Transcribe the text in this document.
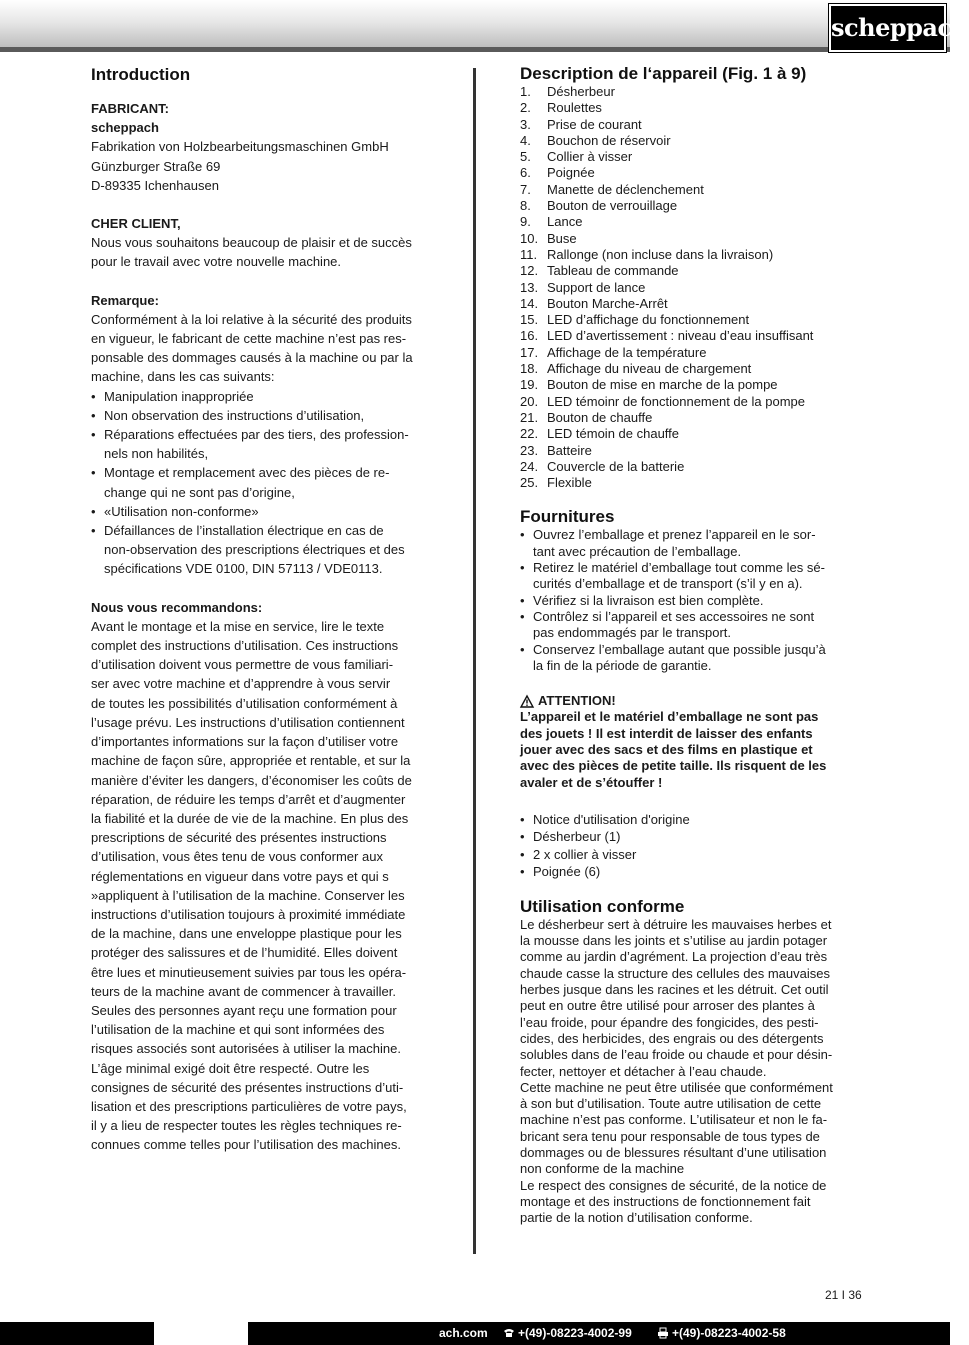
scheppach
Introduction

FABRICANT:

scheppach

Fabrikation von Holzbearbeitungsmaschinen GmbH

Günzburger Straße 69

D-89335 Ichenhausen

CHER CLIENT,

Nous vous souhaitons beaucoup de plaisir et de succès

pour le travail avec votre nouvelle machine.

Remarque:

Conformément à la loi relative à la sécurité des produits

en vigueur, le fabricant de cette machine n’est pas res-

ponsable des dommages causés à la machine ou par la

machine, dans les cas suivants:

• Manipulation inappropriée
• Non observation des instructions d’utilisation,
• Réparations effectuées par des tiers, des profession-
nels non habilités,
• Montage et remplacement avec des pièces de re-
change qui ne sont pas d’origine,
• «Utilisation non-conforme»
• Défaillances de l’installation électrique en cas de
non-observation des prescriptions électriques et des
spécifications VDE 0100, DIN 57113 / VDE0113.

Nous vous recommandons:

Avant le montage et la mise en service, lire le texte

complet des instructions d’utilisation. Ces instructions

d’utilisation doivent vous permettre de vous familiari-

ser avec votre machine et d’apprendre à vous servir

de toutes les possibilités d’utilisation conformément à

l’usage prévu. Les instructions d’utilisation contiennent

d’importantes informations sur la façon d’utiliser votre

machine de façon sûre, appropriée et rentable, et sur la

manière d’éviter les dangers, d’économiser les coûts de

réparation, de réduire les temps d’arrêt et d’augmenter

la fiabilité et la durée de vie de la machine. En plus des

prescriptions de sécurité des présentes instructions

d’utilisation, vous êtes tenu de vous conformer aux

réglementations en vigueur dans votre pays et qui s

»appliquent à l’utilisation de la machine. Conserver les

instructions d’utilisation toujours à proximité immédiate

de la machine, dans une enveloppe plastique pour les

protéger des salissures et de l’humidité. Elles doivent

être lues et minutieusement suivies par tous les opéra-

teurs de la machine avant de commencer à travailler.

Seules des personnes ayant reçu une formation pour

l’utilisation de la machine et qui sont informées des

risques associés sont autorisées à utiliser la machine.

L’âge minimal exigé doit être respecté. Outre les

consignes de sécurité des présentes instructions d’uti-

lisation et des prescriptions particulières de votre pays,

il y a lieu de respecter toutes les règles techniques re-

connues comme telles pour l’utilisation des machines.

Description de l‘appareil (Fig. 1 à 9)
1.	Désherbeur
2.	Roulettes
3.	Prise de courant
4.	Bouchon de réservoir
5.	Collier à visser
6.	Poignée
7.	Manette de déclenchement
8.	Bouton de verrouillage
9.	Lance
10. Buse
11. Rallonge (non incluse dans la livraison)
12. Tableau de commande
13. Support de lance
14. Bouton Marche-Arrêt
15. LED d’affichage du fonctionnement
16. LED d’avertissement : niveau d’eau insuffisant
17. Affichage de la température
18. Affichage du niveau de chargement
19. Bouton de mise en marche de la pompe
20. LED témoinr de fonctionnement de la pompe
21. Bouton de chauffe
22. LED témoin de chauffe
23. Batteire
24. Couvercle de la batterie
25. Flexible
Fournitures
• Ouvrez l’emballage et prenez l’appareil en le sor-
tant avec précaution de l’emballage.
• Retirez le matériel d’emballage tout comme les sé-
curités d’emballage et de transport (s’il y en a).
• Vérifiez si la livraison est bien complète.
• Contrôlez si l’appareil et ses accessoires ne sont
pas endommagés par le transport.
• Conservez l’emballage autant que possible jusqu’à
la fin de la période de garantie.
ATTENTION!

L’appareil et le matériel d’emballage ne sont pas

des jouets ! Il est interdit de laisser des enfants

jouer avec des sacs et des films en plastique et

avec des pièces de petite taille. Ils risquent de les

avaler et de s’étouffer !

• Notice d'utilisation d'origine
• Désherbeur (1)
• 2 x collier à visser
• Poignée (6)
Utilisation conforme

Le désherbeur sert à détruire les mauvaises herbes et

la mousse dans les joints et s’utilise au jardin potager

comme au jardin d’agrément. La projection d’eau très

chaude casse la structure des cellules des mauvaises

herbes jusque dans les racines et les détruit. Cet outil

peut en outre être utilisé pour arroser des plantes à

l’eau froide, pour épandre des fongicides, des pesti-

cides, des herbicides, des engrais ou des détergents

solubles dans de l’eau froide ou chaude et pour désin-

fecter, nettoyer et détacher à l’eau chaude.

Cette machine ne peut être utilisée que conformément

à son but d’utilisation. Toute autre utilisation de cette

machine n’est pas conforme. L’utilisateur et non le fa-

bricant sera tenu pour responsable de tous types de

dommages ou de blessures résultant d’une utilisation

non conforme de la machine

Le respect des consignes de sécurité, de la notice de

montage et des instructions de fonctionnement fait

partie de la notion d’utilisation conforme.

21 I 36
ach.com	+(49)-08223-4002-99	+(49)-08223-4002-58
